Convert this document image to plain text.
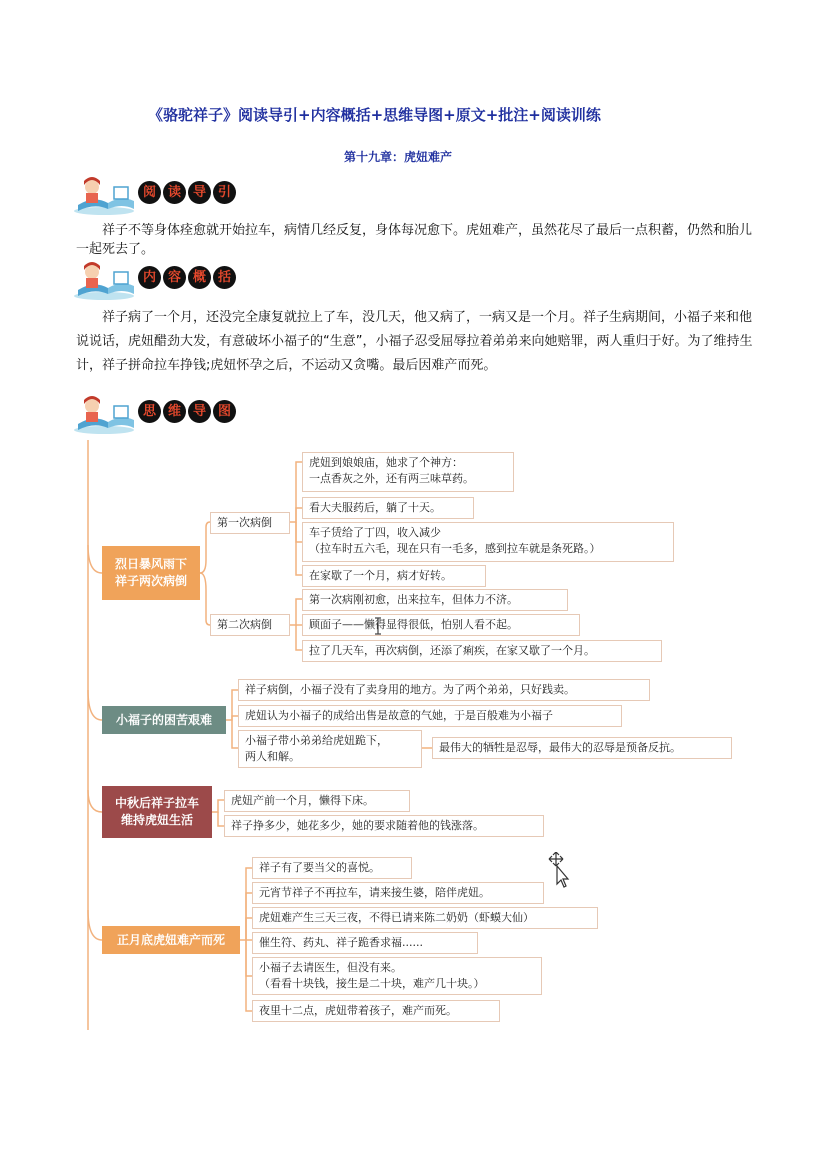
《骆驼祥子》阅读导引+内容概括+思维导图+原文+批注+阅读训练
第十九章：虎妞难产
阅 读 导 引

祥子不等身体痊愈就开始拉车，病情几经反复，身体每况愈下。虎妞难产，虽然花尽了最后一点积蓄，仍然和胎儿一起死去了。

内 容 概 括

祥子病了一个月，还没完全康复就拉上了车，没几天，他又病了，一病又是一个月。祥子生病期间，小福子来和他说说话，虎妞醋劲大发，有意破坏小福子的“生意”，小福子忍受屈辱拉着弟弟来向她赔罪，两人重归于好。为了维持生计，祥子拼命拉车挣钱;虎妞怀孕之后，不运动又贪嘴。最后因难产而死。

思 维 导 图
烈日暴风雨下
祥子两次病倒
小福子的困苦艰难
中秋后祥子拉车
维持虎妞生活
正月底虎妞难产而死
第一次病倒
第二次病倒
虎妞到娘娘庙，她求了个神方：
一点香灰之外，还有两三味草药。
看大夫服药后，躺了十天。
车子赁给了丁四，收入减少
（拉车时五六毛，现在只有一毛多，感到拉车就是条死路。）
在家歇了一个月，病才好转。
第一次病刚初愈，出来拉车，但体力不济。
顾面子——懒得显得很低，怕别人看不起。
拉了几天车，再次病倒，还添了痢疾，在家又歇了一个月。
祥子病倒，小福子没有了卖身用的地方。为了两个弟弟，只好践卖。
虎妞认为小福子的成给出售是故意的气她，于是百般难为小福子
小福子带小弟弟给虎妞跪下，
两人和解。
最伟大的牺牲是忍辱，最伟大的忍辱是预备反抗。
虎妞产前一个月，懒得下床。
祥子挣多少，她花多少，她的要求随着他的钱涨落。
祥子有了要当父的喜悦。
元宵节祥子不再拉车，请来接生婆，陪伴虎妞。
虎妞难产生三天三夜，不得已请来陈二奶奶（虾蟆大仙）
催生符、药丸、祥子跪香求福......
小福子去请医生，但没有来。
（看看十块钱，接生是二十块，难产几十块。）
夜里十二点，虎妞带着孩子，难产而死。
